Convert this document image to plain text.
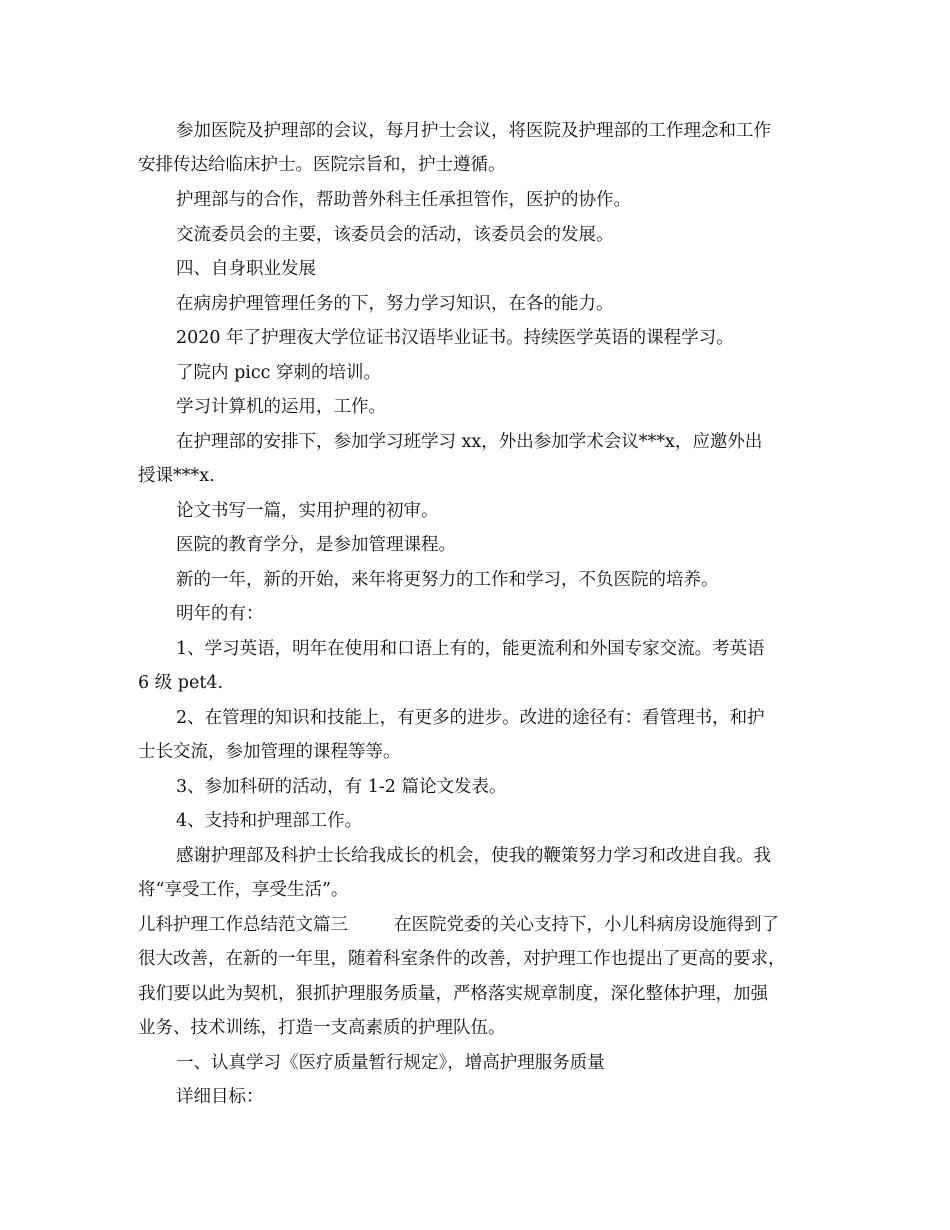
参加医院及护理部的会议，每月护士会议，将医院及护理部的工作理念和工作
安排传达给临床护士。医院宗旨和，护士遵循。
护理部与的合作，帮助普外科主任承担管作，医护的协作。
交流委员会的主要，该委员会的活动，该委员会的发展。
四、自身职业发展
在病房护理管理任务的下，努力学习知识，在各的能力。
2020 年了护理夜大学位证书汉语毕业证书。持续医学英语的课程学习。
了院内 picc 穿刺的培训。
学习计算机的运用，工作。
在护理部的安排下，参加学习班学习 xx，外出参加学术会议***x，应邀外出
授课***x.
论文书写一篇，实用护理的初审。
医院的教育学分，是参加管理课程。
新的一年，新的开始，来年将更努力的工作和学习，不负医院的培养。
明年的有：
1、学习英语，明年在使用和口语上有的，能更流利和外国专家交流。考英语
6 级 pet4.
2、在管理的知识和技能上，有更多的进步。改进的途径有：看管理书，和护
士长交流，参加管理的课程等等。
3、参加科研的活动，有 1-2 篇论文发表。
4、支持和护理部工作。
感谢护理部及科护士长给我成长的机会，使我的鞭策努力学习和改进自我。我
将“享受工作，享受生活”。
儿科护理工作总结范文篇三	在医院党委的关心支持下，小儿科病房设施得到了
很大改善，在新的一年里，随着科室条件的改善，对护理工作也提出了更高的要求，
我们要以此为契机，狠抓护理服务质量，严格落实规章制度，深化整体护理，加强
业务、技术训练，打造一支高素质的护理队伍。
一、认真学习《医疗质量暂行规定》，增高护理服务质量
详细目标：
